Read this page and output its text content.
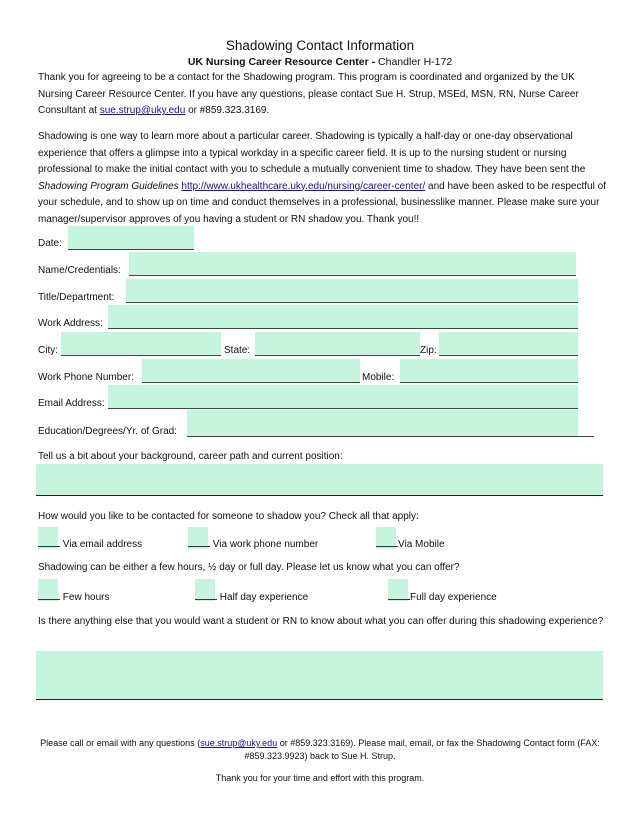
Shadowing Contact Information
UK Nursing Career Resource Center - Chandler H-172
Thank you for agreeing to be a contact for the Shadowing program. This program is coordinated and organized by the UK Nursing Career Resource Center. If you have any questions, please contact Sue H. Strup, MSEd, MSN, RN, Nurse Career Consultant at sue.strup@uky.edu or #859.323.3169.
Shadowing is one way to learn more about a particular career. Shadowing is typically a half-day or one-day observational experience that offers a glimpse into a typical workday in a specific career field. It is up to the nursing student or nursing professional to make the initial contact with you to schedule a mutually convenient time to shadow. They have been sent the Shadowing Program Guidelines http://www.ukhealthcare.uky.edu/nursing/career-center/ and have been asked to be respectful of your schedule, and to show up on time and conduct themselves in a professional, businesslike manner. Please make sure your manager/supervisor approves of you having a student or RN shadow you. Thank you!!
Date:
Name/Credentials:
Title/Department:
Work Address:
City:	State:	Zip:
Work Phone Number:	Mobile:
Email Address:
Education/Degrees/Yr. of Grad:
Tell us a bit about your background, career path and current position:
How would you like to be contacted for someone to shadow you? Check all that apply:
Via email address	Via work phone number	Via Mobile
Shadowing can be either a few hours, ½ day or full day. Please let us know what you can offer?
Few hours	Half day experience	Full day experience
Is there anything else that you would want a student or RN to know about what you can offer during this shadowing experience?
Please call or email with any questions (sue.strup@uky.edu or #859.323.3169). Please mail, email, or fax the Shadowing Contact form (FAX: #859.323.9923) back to Sue H. Strup.
Thank you for your time and effort with this program.
